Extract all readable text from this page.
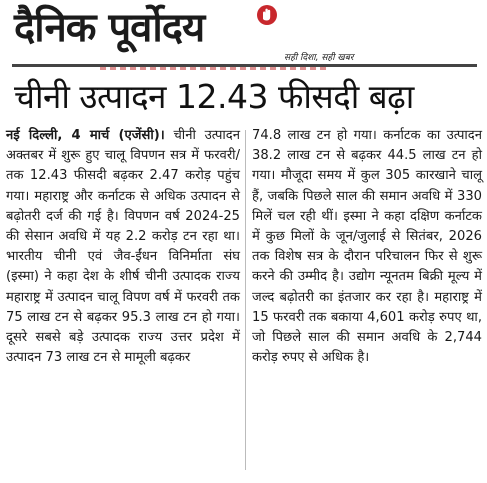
दैनिक पूर्वोदय
सही दिशा, सही खबर
चीनी उत्पादन 12.43 फीसदी बढ़ा

नई दिल्ली, 4 मार्च (एजेंसी)। चीनी उत्पादन अक्तबर में शुरू हुए चालू विपणन सत्र में फरवरी/तक 12.43 फीसदी बढ़कर 2.47 करोड़ पहुंच गया। महाराष्ट्र और कर्नाटक से अधिक उत्पादन से बढ़ोतरी दर्ज की गई है। विपणन वर्ष 2024-25 की सेसान अवधि में यह 2.2 करोड़ टन रहा था। भारतीय चीनी एवं जैव-ईंधन विनिर्माता संघ (इस्मा) ने कहा देश के शीर्ष चीनी उत्पादक राज्य महाराष्ट्र में उत्पादन चालू विपण वर्ष में फरवरी तक 75 लाख टन से बढ़कर 95.3 लाख टन हो गया। दूसरे सबसे बड़े उत्पादक राज्य उत्तर प्रदेश में उत्पादन 73 लाख टन से मामूली बढ़कर

74.8 लाख टन हो गया। कर्नाटक का उत्पादन 38.2 लाख टन से बढ़कर 44.5 लाख टन हो गया। मौजूदा समय में कुल 305 कारखाने चालू हैं, जबकि पिछले साल की समान अवधि में 330 मिलें चल रही थीं। इस्मा ने कहा दक्षिण कर्नाटक में कुछ मिलों के जून/जुलाई से सितंबर, 2026 तक विशेष सत्र के दौरान परिचालन फिर से शुरू करने की उम्मीद है। उद्योग न्यूनतम बिक्री मूल्य में जल्द बढ़ोतरी का इंतजार कर रहा है। महाराष्ट्र में 15 फरवरी तक बकाया 4,601 करोड़ रुपए था, जो पिछले साल की समान अवधि के 2,744 करोड़ रुपए से अधिक है।
